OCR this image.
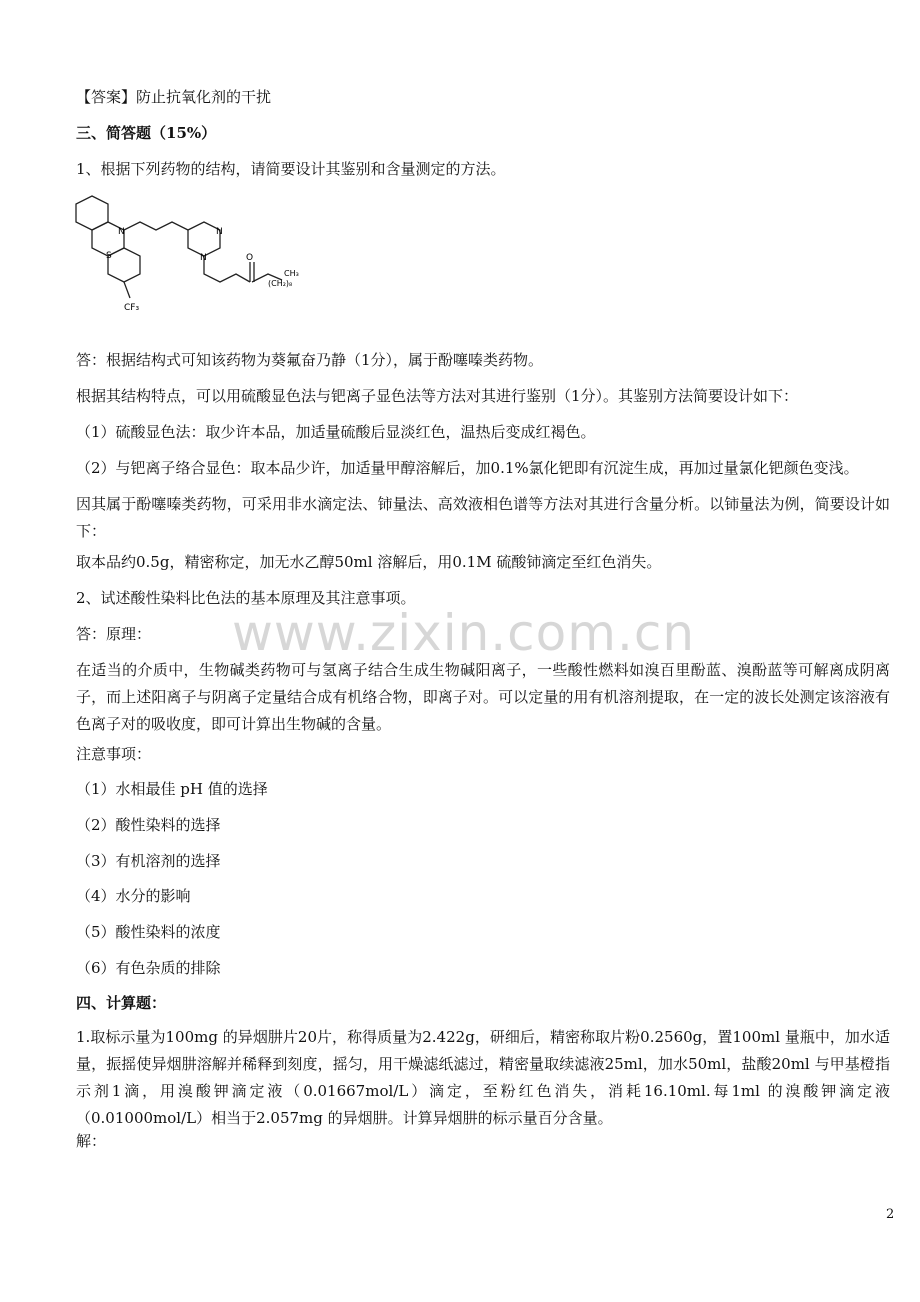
【答案】防止抗氧化剂的干扰
三、简答题（15%）
1、根据下列药物的结构，请简要设计其鉴别和含量测定的方法。
N
S
N
N	O
(CH₂)₈
CH₃
CF₃
答：根据结构式可知该药物为葵氟奋乃静（1分），属于酚噻嗪类药物。
根据其结构特点，可以用硫酸显色法与钯离子显色法等方法对其进行鉴别（1分）。其鉴别方法简要设计如下：
（1）硫酸显色法：取少许本品，加适量硫酸后显淡红色，温热后变成红褐色。
（2）与钯离子络合显色：取本品少许，加适量甲醇溶解后，加0.1%氯化钯即有沉淀生成，再加过量氯化钯颜色变浅。
因其属于酚噻嗪类药物，可采用非水滴定法、铈量法、高效液相色谱等方法对其进行含量分析。以铈量法为例，简要设计如下：
取本品约0.5g，精密称定，加无水乙醇50ml 溶解后，用0.1M 硫酸铈滴定至红色消失。
2、试述酸性染料比色法的基本原理及其注意事项。
答：原理：
在适当的介质中，生物碱类药物可与氢离子结合生成生物碱阳离子，一些酸性燃料如溴百里酚蓝、溴酚蓝等可解离成阴离子，而上述阳离子与阴离子定量结合成有机络合物，即离子对。可以定量的用有机溶剂提取，在一定的波长处测定该溶液有色离子对的吸收度，即可计算出生物碱的含量。
注意事项：
（1）水相最佳 pH 值的选择
（2）酸性染料的选择
（3）有机溶剂的选择
（4）水分的影响
（5）酸性染料的浓度
（6）有色杂质的排除
四、计算题：
1.取标示量为100mg 的异烟肼片20片，称得质量为2.422g，研细后，精密称取片粉0.2560g，置100ml 量瓶中，加水适量，振摇使异烟肼溶解并稀释到刻度，摇匀，用干燥滤纸滤过，精密量取续滤液25ml，加水50ml，盐酸20ml 与甲基橙指示剂1滴，用溴酸钾滴定液（0.01667mol/L）滴定，至粉红色消失，消耗16.10ml.每1ml 的溴酸钾滴定液（0.01000mol/L）相当于2.057mg 的异烟肼。计算异烟肼的标示量百分含量。
解：
www.zixin.com.cn
2
